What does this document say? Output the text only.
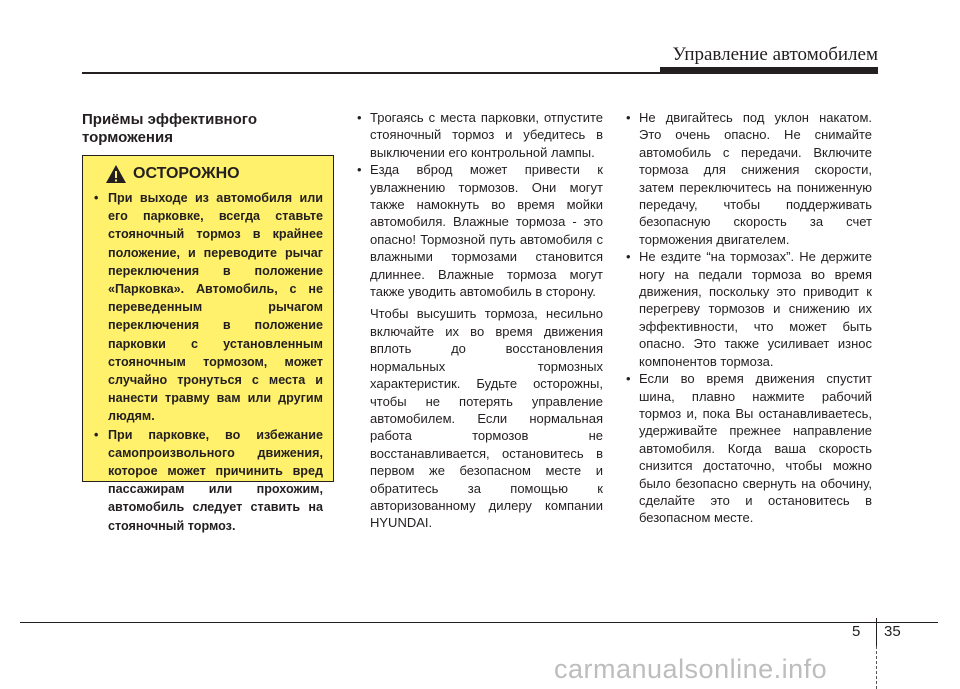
Управление автомобилем
Приёмы эффективного торможения
ОСТОРОЖНО
• При выходе из автомобиля или его парковке, всегда ставьте стояночный тормоз в крайнее положение, и переводите рычаг переключения в положение «Парковка». Автомобиль, с не переведенным рычагом переключения в положение парковки с установленным стояночным тормозом, может случайно тронуться с места и нанести травму вам или другим людям.
• При парковке, во избежание самопроизвольного движения, которое может причинить вред пассажирам или прохожим, автомобиль следует ставить на стояночный тормоз.
• Трогаясь с места парковки, отпустите стояночный тормоз и убедитесь в выключении его контрольной лампы.
• Езда вброд может привести к увлажнению тормозов. Они могут также намокнуть во время мойки автомобиля. Влажные тормоза - это опасно! Тормозной путь автомобиля с влажными тормозами становится длиннее. Влажные тормоза могут также уводить автомобиль в сторону.

Чтобы высушить тормоза, несильно включайте их во время движения вплоть до восстановления нормальных тормозных характеристик. Будьте осторожны, чтобы не потерять управление автомобилем. Если нормальная работа тормозов не восстанавливается, остановитесь в первом же безопасном месте и обратитесь за помощью к авторизованному дилеру компании HYUNDAI.

• Не двигайтесь под уклон накатом. Это очень опасно. Не снимайте автомобиль с передачи. Включите тормоза для снижения скорости, затем переключитесь на пониженную передачу, чтобы поддерживать безопасную скорость за счет торможения двигателем.
• Не ездите “на тормозах”. Не держите ногу на педали тормоза во время движения, поскольку это приводит к перегреву тормозов и снижению их эффективности, что может быть опасно. Это также усиливает износ компонентов тормоза.
• Если во время движения спустит шина, плавно нажмите рабочий тормоз и, пока Вы останавливаетесь, удерживайте прежнее направление автомобиля. Когда ваша скорость снизится достаточно, чтобы можно было безопасно свернуть на обочину, сделайте это и остановитесь в безопасном месте.
5 35
carmanualsonline.info
